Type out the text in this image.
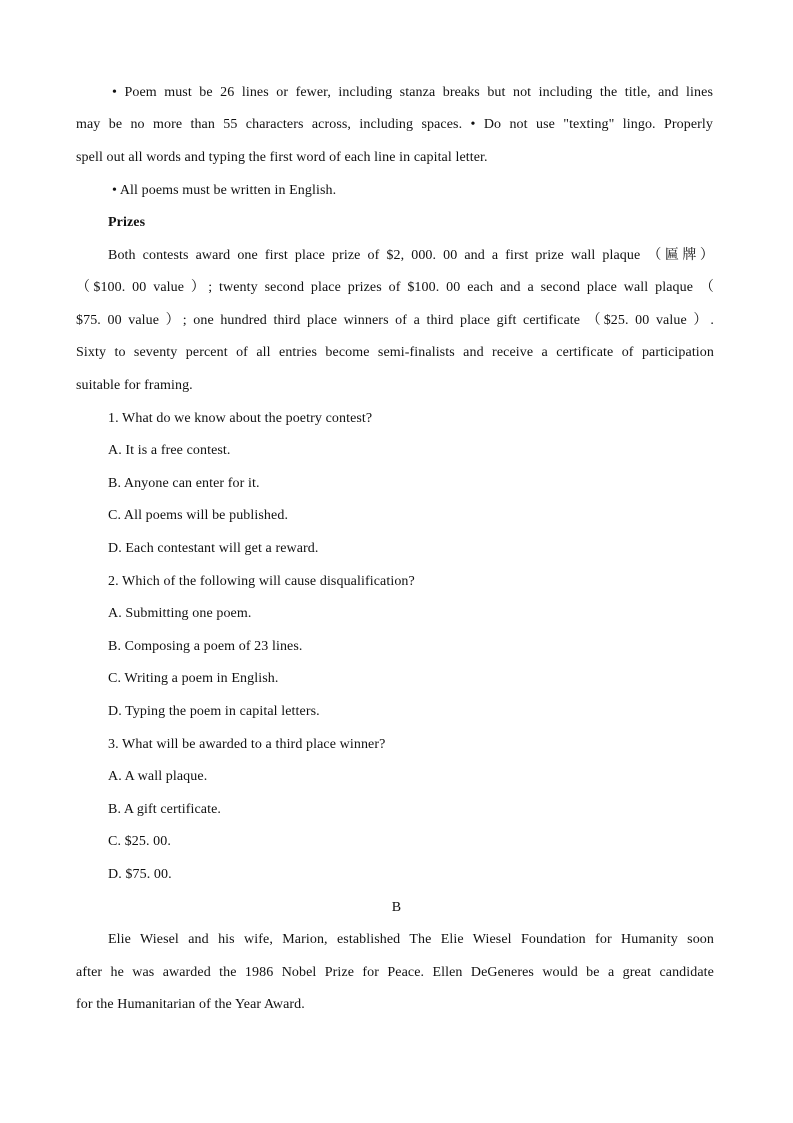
• Poem must be 26 lines or fewer, including stanza breaks but not including the title, and lines
may be no more than 55 characters across, including spaces. • Do not use "texting" lingo. Properly
spell out all words and typing the first word of each line in capital letter.
• All poems must be written in English.
Prizes
Both contests award one first place prize of $2, 000. 00 and a first prize wall plaque （匾牌）
（$100. 00 value ）; twenty second place prizes of $100. 00 each and a second place wall plaque （
$75. 00 value ）; one hundred third place winners of a third place gift certificate （$25. 00 value ）.
Sixty to seventy percent of all entries become semi-finalists and receive a certificate of participation
suitable for framing.
1. What do we know about the poetry contest?
A. It is a free contest.
B. Anyone can enter for it.
C. All poems will be published.
D. Each contestant will get a reward.
2. Which of the following will cause disqualification?
A. Submitting one poem.
B. Composing a poem of 23 lines.
C. Writing a poem in English.
D. Typing the poem in capital letters.
3. What will be awarded to a third place winner?
A. A wall plaque.
B. A gift certificate.
C. $25. 00.
D. $75. 00.
B
Elie Wiesel and his wife, Marion, established The Elie Wiesel Foundation for Humanity soon
after he was awarded the 1986 Nobel Prize for Peace. Ellen DeGeneres would be a great candidate
for the Humanitarian of the Year Award.
